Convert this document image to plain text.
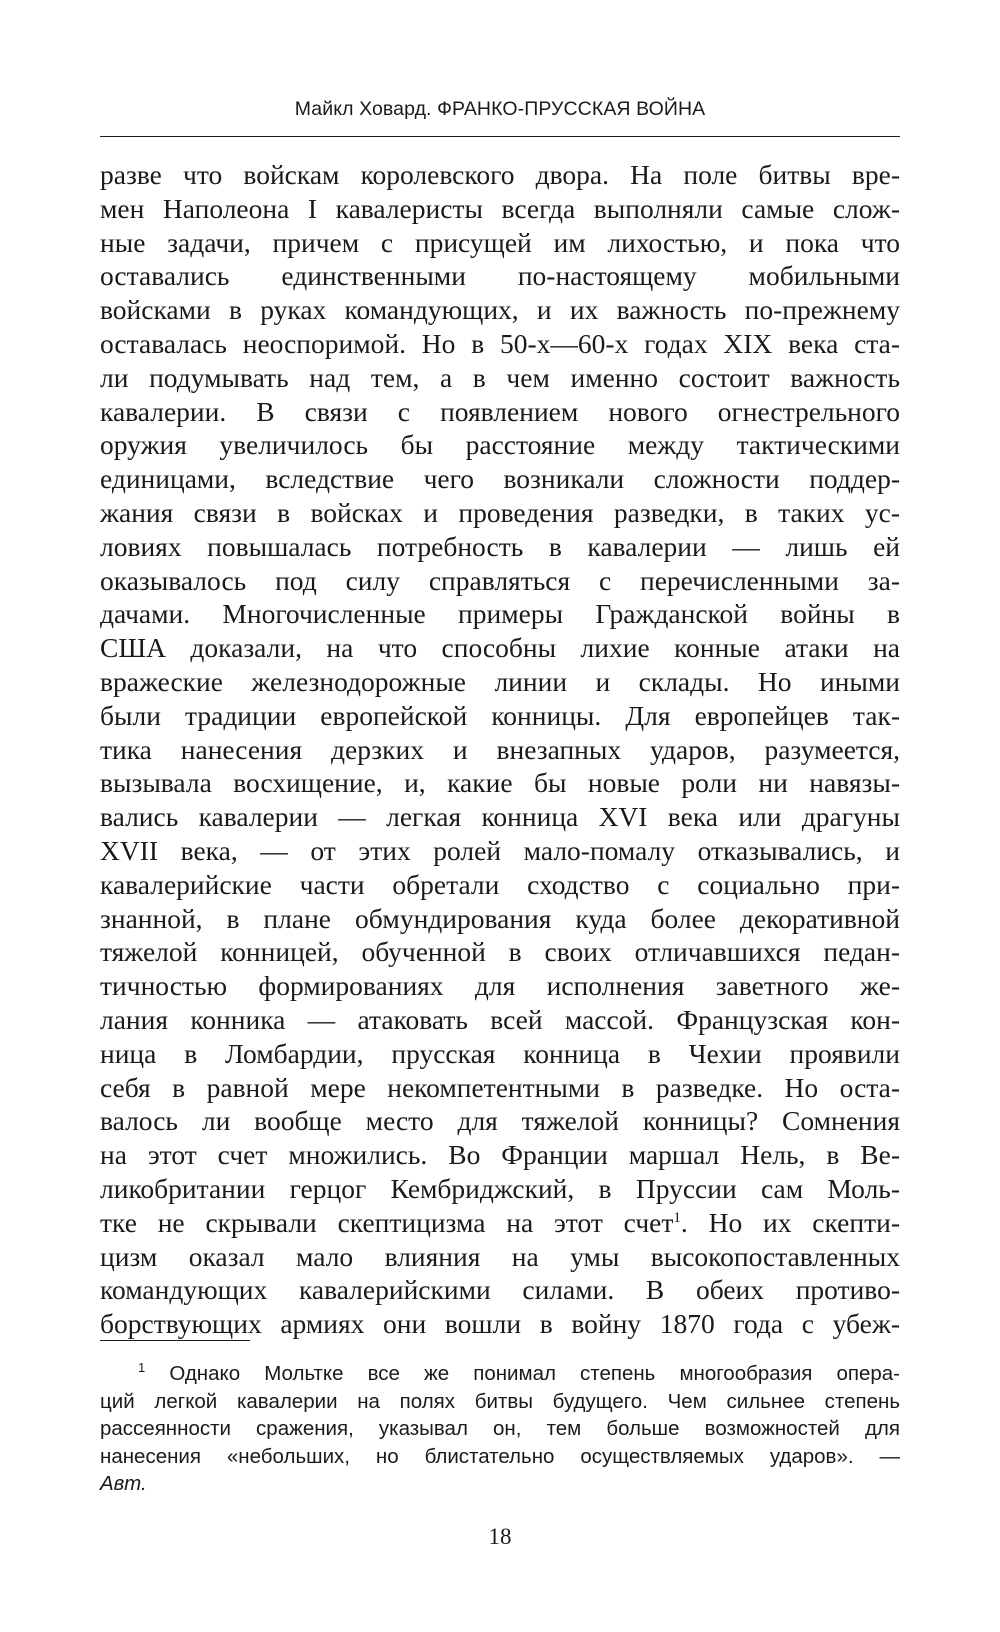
Майкл Ховард. ФРАНКО-ПРУССКАЯ ВОЙНА
разве что войскам королевского двора. На поле битвы вре-
мен Наполеона I кавалеристы всегда выполняли самые слож-
ные задачи, причем с присущей им лихостью, и пока что
оставались единственными по-настоящему мобильными
войсками в руках командующих, и их важность по-прежнему
оставалась неоспоримой. Но в 50-х—60-х годах XIX века ста-
ли подумывать над тем, а в чем именно состоит важность
кавалерии. В связи с появлением нового огнестрельного
оружия увеличилось бы расстояние между тактическими
единицами, вследствие чего возникали сложности поддер-
жания связи в войсках и проведения разведки, в таких ус-
ловиях повышалась потребность в кавалерии — лишь ей
оказывалось под силу справляться с перечисленными за-
дачами. Многочисленные примеры Гражданской войны в
США доказали, на что способны лихие конные атаки на
вражеские железнодорожные линии и склады. Но иными
были традиции европейской конницы. Для европейцев так-
тика нанесения дерзких и внезапных ударов, разумеется,
вызывала восхищение, и, какие бы новые роли ни навязы-
вались кавалерии — легкая конница XVI века или драгуны
XVII века, — от этих ролей мало-помалу отказывались, и
кавалерийские части обретали сходство с социально при-
знанной, в плане обмундирования куда более декоративной
тяжелой конницей, обученной в своих отличавшихся педан-
тичностью формированиях для исполнения заветного же-
лания конника — атаковать всей массой. Французская кон-
ница в Ломбардии, прусская конница в Чехии проявили
себя в равной мере некомпетентными в разведке. Но оста-
валось ли вообще место для тяжелой конницы? Сомнения
на этот счет множились. Во Франции маршал Нель, в Ве-
ликобритании герцог Кембриджский, в Пруссии сам Моль-
тке не скрывали скептицизма на этот счет$^1$. Но их скепти-
цизм оказал мало влияния на умы высокопоставленных
командующих кавалерийскими силами. В обеих противо-
борствующих армиях они вошли в войну 1870 года с убеж-
$^1$ Однако Мольтке все же понимал степень многообразия опера-
ций легкой кавалерии на полях битвы будущего. Чем сильнее степень
рассеянности сражения, указывал он, тем больше возможностей для
нанесения «небольших, но блистательно осуществляемых ударов». —
Авт.
18
